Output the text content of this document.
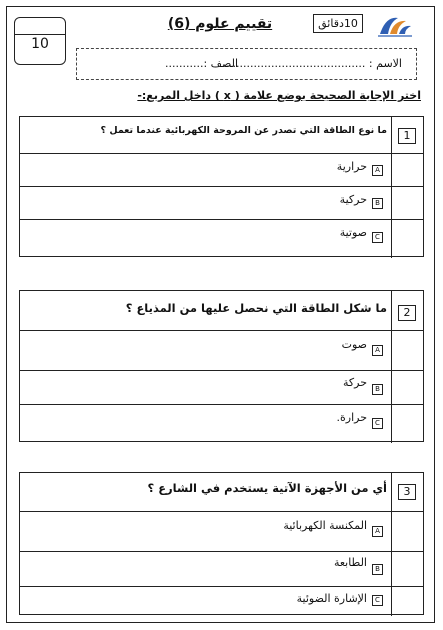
10
تقييم علوم (6)	10دقائق
الاسم : ..........................................
الصف :...........
اختر الإجابة الصحيحة بوضع علامة ( x ) داخل المربع:-
1
ما نوع الطاقة التي تصدر عن المروحة الكهربائية عندما تعمل ؟
A
حرارية
B
حركية
C
صوتية
2
ما شكل الطاقة التي نحصل عليها من المذياع ؟
A
صوت
B
حركة
C
حرارة.
3
أي من الأجهزة الآتية يستخدم في الشارع ؟
A
المكنسة الكهربائية
B
الطابعة
C
الإشارة الضوئية
